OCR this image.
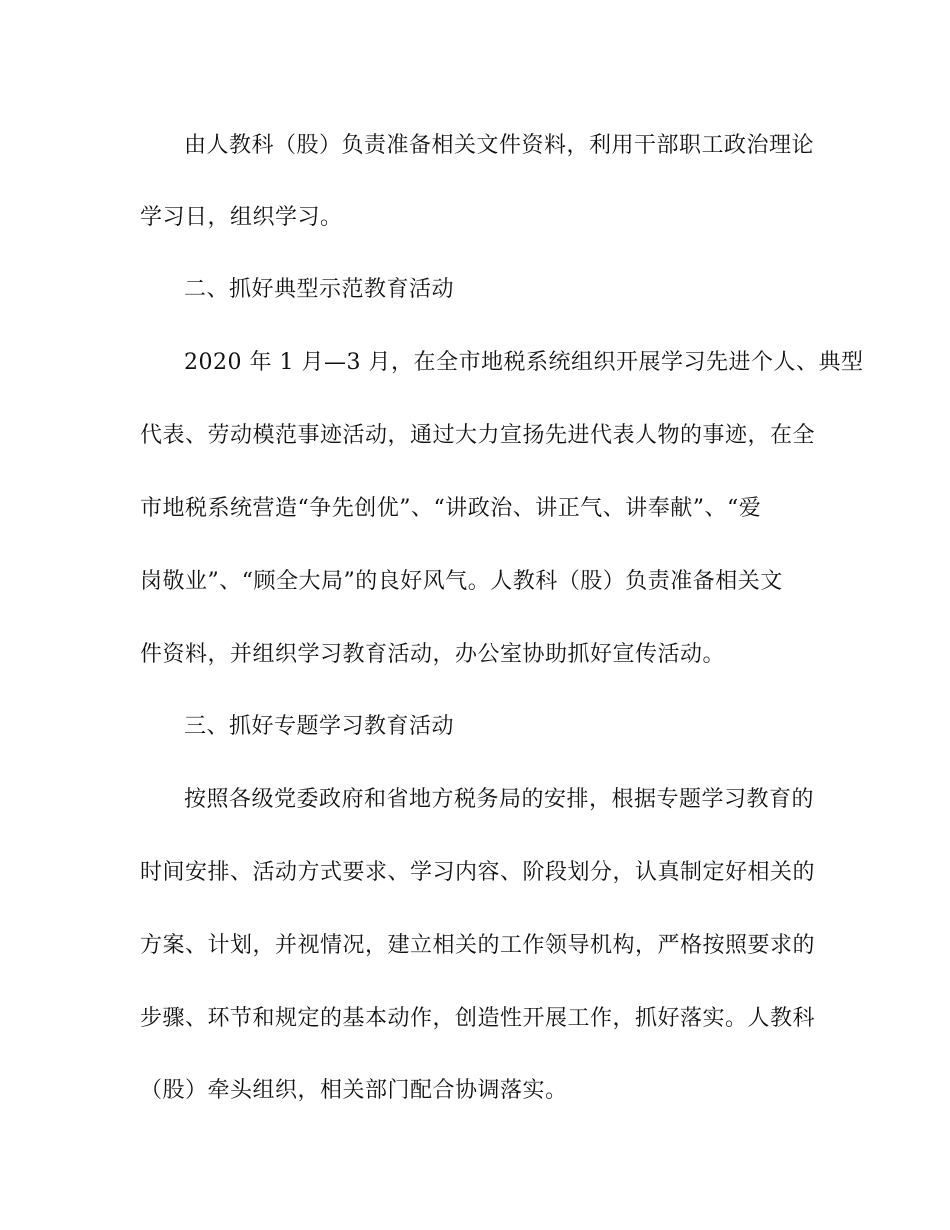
由人教科（股）负责准备相关文件资料，利用干部职工政治理论
学习日，组织学习。
二、抓好典型示范教育活动
2020 年 1 月—3 月，在全市地税系统组织开展学习先进个人、典型
代表、劳动模范事迹活动，通过大力宣扬先进代表人物的事迹，在全
市地税系统营造“争先创优”、“讲政治、讲正气、讲奉献”、“爱
岗敬业”、“顾全大局”的良好风气。人教科（股）负责准备相关文
件资料，并组织学习教育活动，办公室协助抓好宣传活动。
三、抓好专题学习教育活动
按照各级党委政府和省地方税务局的安排，根据专题学习教育的
时间安排、活动方式要求、学习内容、阶段划分，认真制定好相关的
方案、计划，并视情况，建立相关的工作领导机构，严格按照要求的
步骤、环节和规定的基本动作，创造性开展工作，抓好落实。人教科
（股）牵头组织，相关部门配合协调落实。
